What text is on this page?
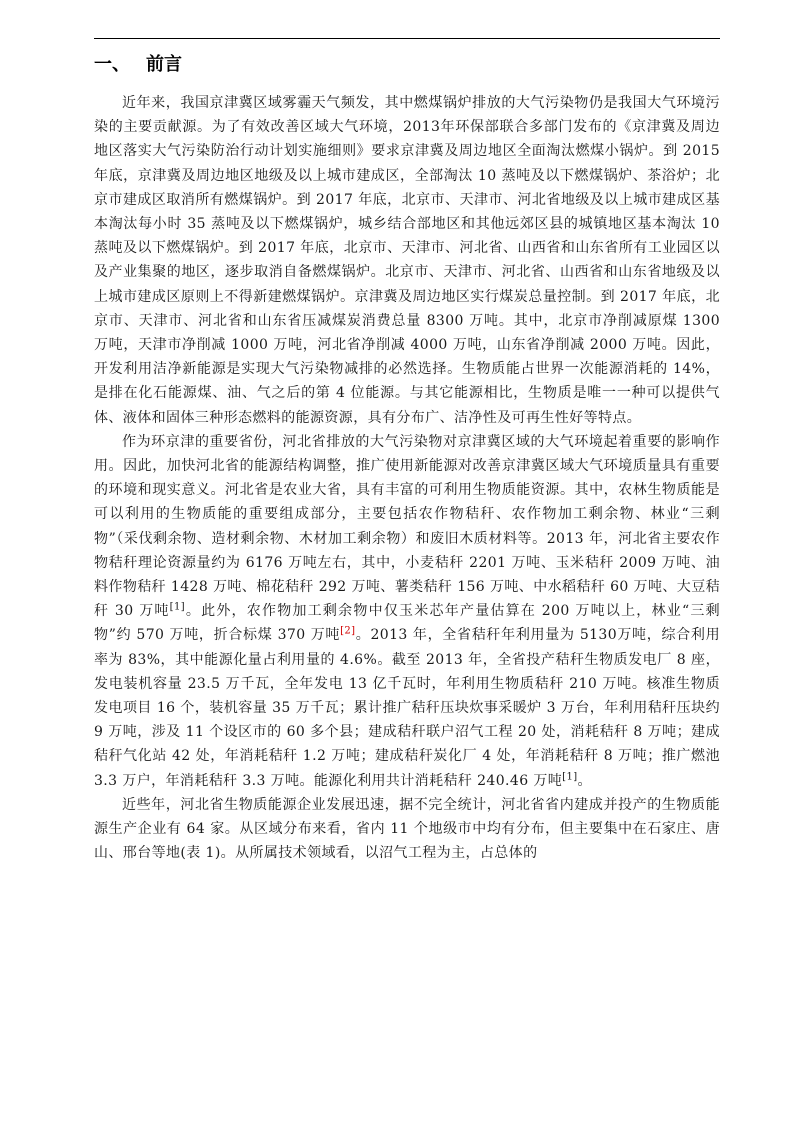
一、 前言

近年来，我国京津冀区域雾霾天气频发，其中燃煤锅炉排放的大气污染物仍是我国大气环境污染的主要贡献源。为了有效改善区域大气环境，2013年环保部联合多部门发布的《京津冀及周边地区落实大气污染防治行动计划实施细则》要求京津冀及周边地区全面淘汰燃煤小锅炉。到 2015 年底，京津冀及周边地区地级及以上城市建成区，全部淘汰 10 蒸吨及以下燃煤锅炉、茶浴炉；北京市建成区取消所有燃煤锅炉。到 2017 年底，北京市、天津市、河北省地级及以上城市建成区基本淘汰每小时 35 蒸吨及以下燃煤锅炉，城乡结合部地区和其他远郊区县的城镇地区基本淘汰 10 蒸吨及以下燃煤锅炉。到 2017 年底，北京市、天津市、河北省、山西省和山东省所有工业园区以及产业集聚的地区，逐步取消自备燃煤锅炉。北京市、天津市、河北省、山西省和山东省地级及以上城市建成区原则上不得新建燃煤锅炉。京津冀及周边地区实行煤炭总量控制。到 2017 年底，北京市、天津市、河北省和山东省压减煤炭消费总量 8300 万吨。其中，北京市净削减原煤 1300 万吨，天津市净削减 1000 万吨，河北省净削减 4000 万吨，山东省净削减 2000 万吨。因此，开发利用洁净新能源是实现大气污染物减排的必然选择。生物质能占世界一次能源消耗的 14%，是排在化石能源煤、油、气之后的第 4 位能源。与其它能源相比，生物质是唯一一种可以提供气体、液体和固体三种形态燃料的能源资源，具有分布广、洁净性及可再生性好等特点。

作为环京津的重要省份，河北省排放的大气污染物对京津冀区域的大气环境起着重要的影响作用。因此，加快河北省的能源结构调整，推广使用新能源对改善京津冀区域大气环境质量具有重要的环境和现实意义。河北省是农业大省，具有丰富的可利用生物质能资源。其中，农林生物质能是可以利用的生物质能的重要组成部分，主要包括农作物秸秆、农作物加工剩余物、林业“三剩物”（采伐剩余物、造材剩余物、木材加工剩余物）和废旧木质材料等。2013 年，河北省主要农作物秸秆理论资源量约为 6176 万吨左右，其中，小麦秸秆 2201 万吨、玉米秸秆 2009 万吨、油料作物秸秆 1428 万吨、棉花秸秆 292 万吨、薯类秸秆 156 万吨、中水稻秸秆 60 万吨、大豆秸秆 30 万吨[1]。此外，农作物加工剩余物中仅玉米芯年产量估算在 200 万吨以上，林业“三剩物”约 570 万吨，折合标煤 370 万吨[2]。2013 年，全省秸秆年利用量为 5130万吨，综合利用率为 83%，其中能源化量占利用量的 4.6%。截至 2013 年，全省投产秸秆生物质发电厂 8 座，发电装机容量 23.5 万千瓦，全年发电 13 亿千瓦时，年利用生物质秸秆 210 万吨。核准生物质发电项目 16 个，装机容量 35 万千瓦；累计推广秸秆压块炊事采暖炉 3 万台，年利用秸秆压块约 9 万吨，涉及 11 个设区市的 60 多个县；建成秸秆联户沼气工程 20 处，消耗秸秆 8 万吨；建成秸秆气化站 42 处，年消耗秸秆 1.2 万吨；建成秸秆炭化厂 4 处，年消耗秸秆 8 万吨；推广燃池 3.3 万户，年消耗秸秆 3.3 万吨。能源化利用共计消耗秸秆 240.46 万吨[1]。

近些年，河北省生物质能源企业发展迅速，据不完全统计，河北省省内建成并投产的生物质能源生产企业有 64 家。从区域分布来看，省内 11 个地级市中均有分布，但主要集中在石家庄、唐山、邢台等地(表 1)。从所属技术领域看，以沼气工程为主，占总体的
